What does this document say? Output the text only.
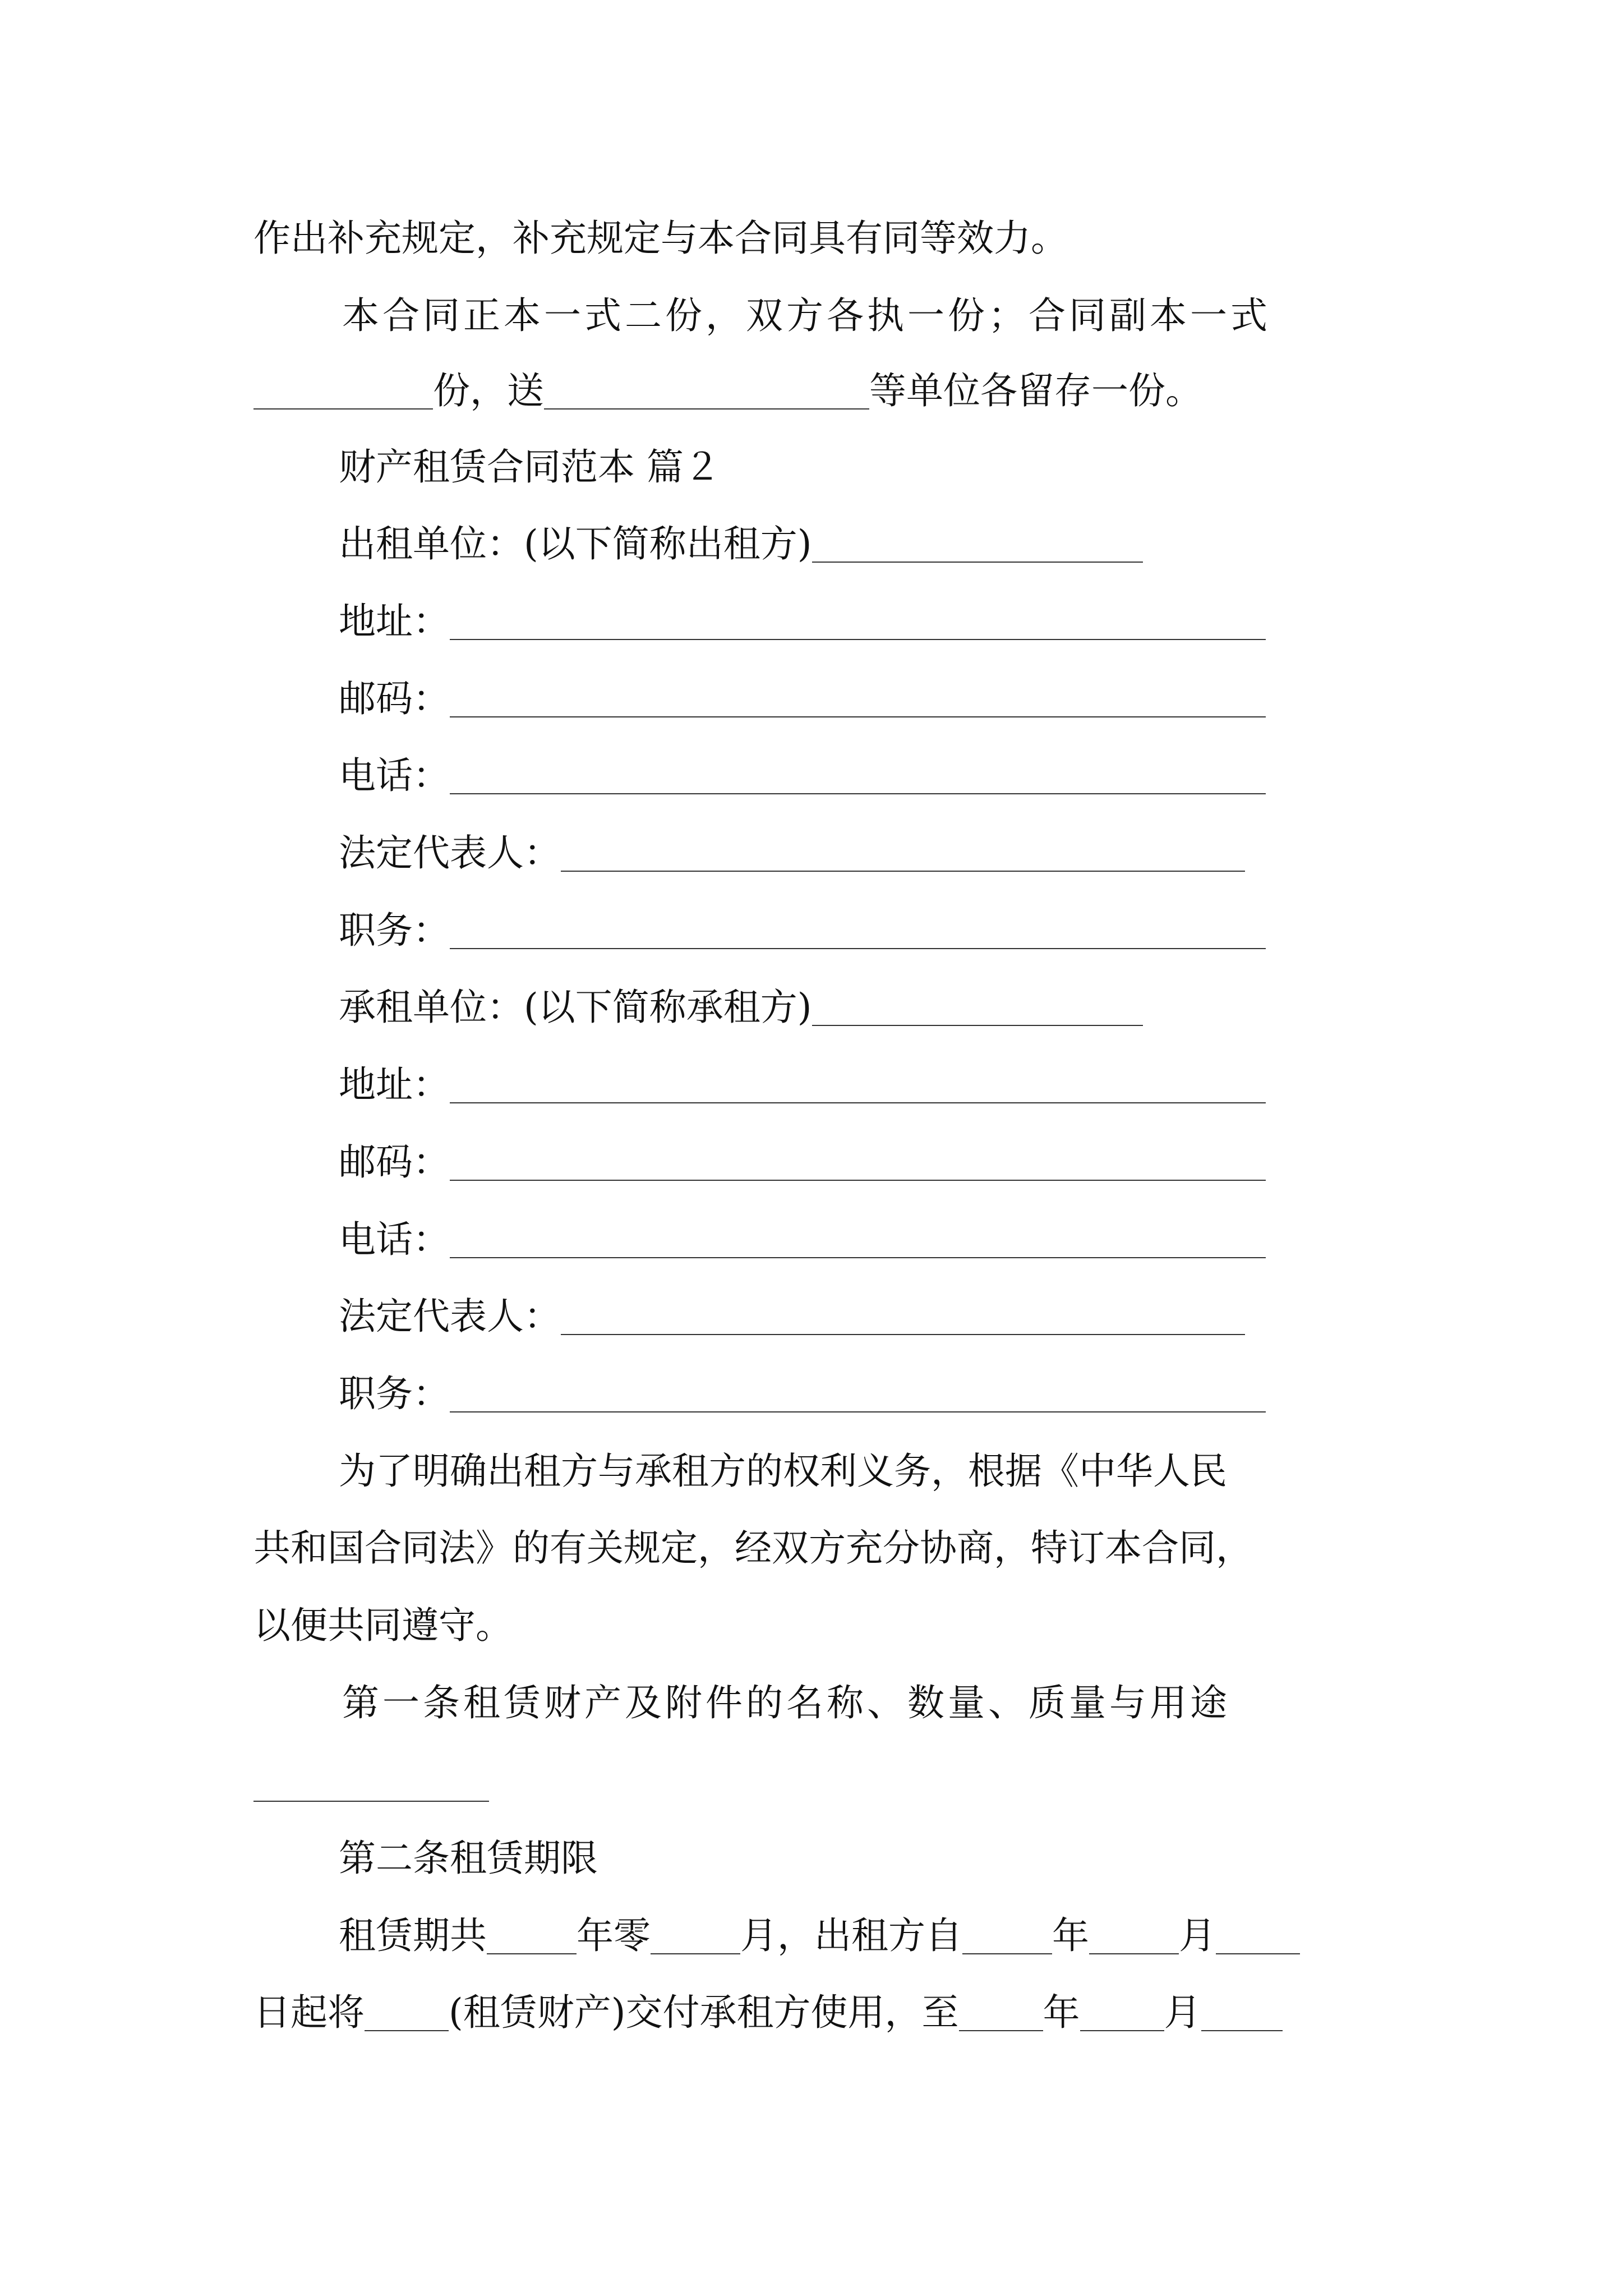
作出补充规定，补充规定与本合同具有同等效力。
本合同正本一式二份，双方各执一份；合同副本一式
份，送	等单位各留存一份。
财产租赁合同范本 篇２
出租单位：(以下简称出租方)
地址：
邮码：
电话：
法定代表人：
职务：
承租单位：(以下简称承租方)
地址：
邮码：
电话：
法定代表人：
职务：
为了明确出租方与承租方的权利义务，根据《中华人民
共和国合同法》的有关规定，经双方充分协商，特订本合同，
以便共同遵守。
第一条租赁财产及附件的名称、数量、质量与用途
第二条租赁期限
租赁期共 年零 月，出租方自 年 月
日起将 (租赁财产)交付承租方使用，至 年 月
